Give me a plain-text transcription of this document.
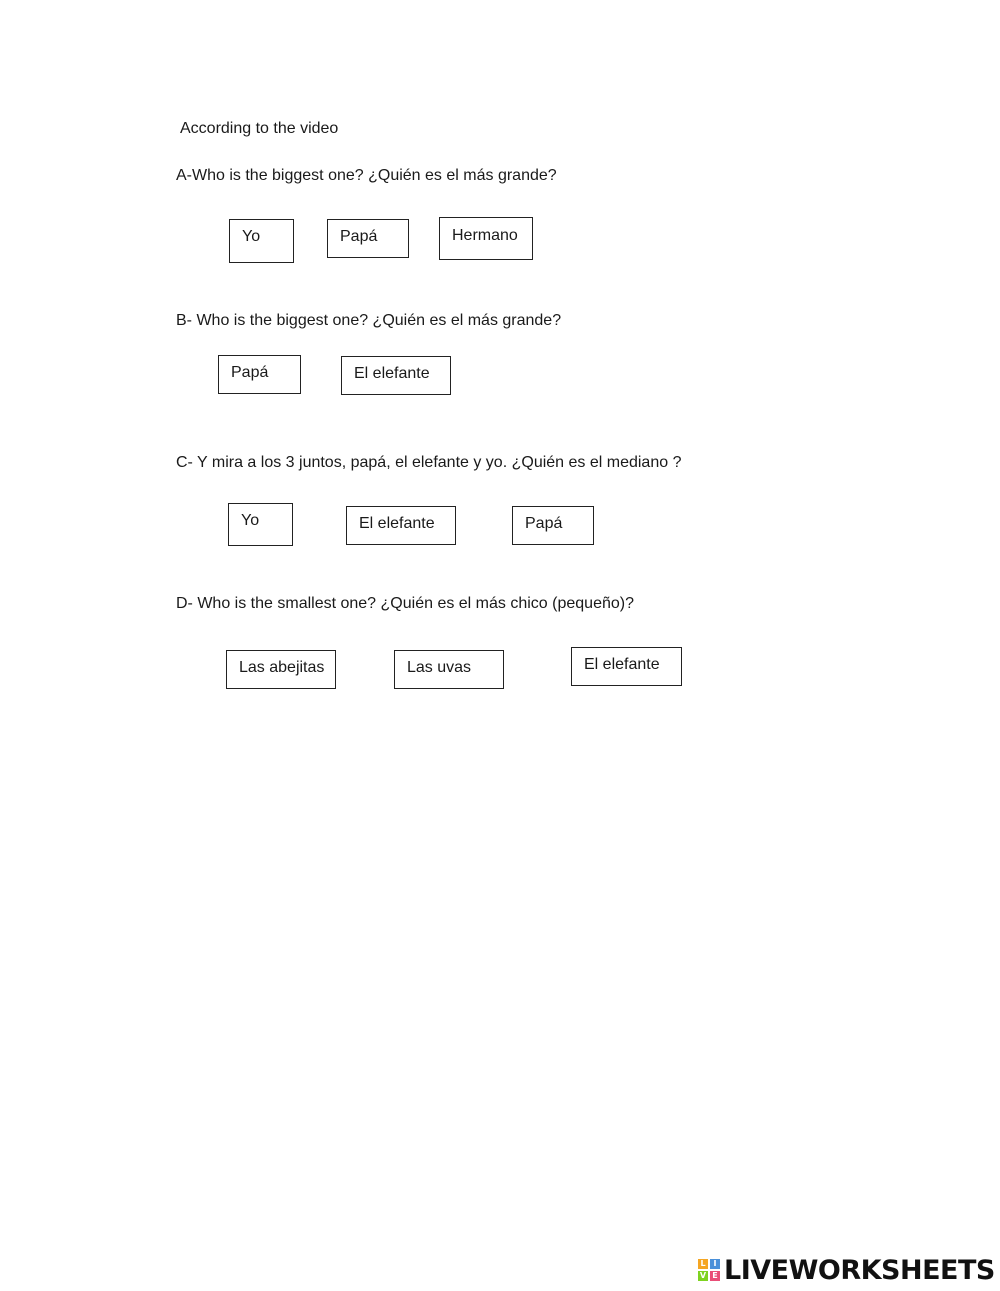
According to the video
A-Who is the biggest one? ¿Quién es el más grande?
Yo	Papá	Hermano
B- Who is the biggest one? ¿Quién es el más grande?
Papá	El elefante
C- Y mira a los 3 juntos, papá, el elefante y yo. ¿Quién es el mediano ?
Yo	El elefante	Papá
D- Who is the smallest one? ¿Quién es el más chico (pequeño)?
Las abejitas	Las uvas	El elefante
L I
V E LIVEWORKSHEETS
